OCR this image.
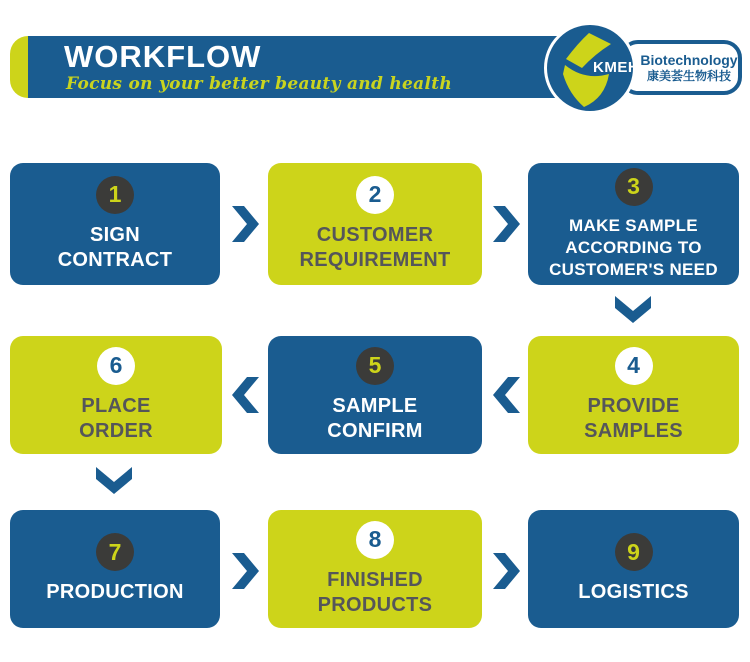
WORKFLOW
Focus on your better beauty and health
Biotechnology
康美荟生物科技
KMEH
1
SIGN
CONTRACT
2
CUSTOMER
REQUIREMENT
3
MAKE SAMPLE
ACCORDING TO
CUSTOMER'S NEED
6
PLACE
ORDER
5
SAMPLE
CONFIRM
4
PROVIDE
SAMPLES
7
PRODUCTION
8
FINISHED
PRODUCTS
9
LOGISTICS
